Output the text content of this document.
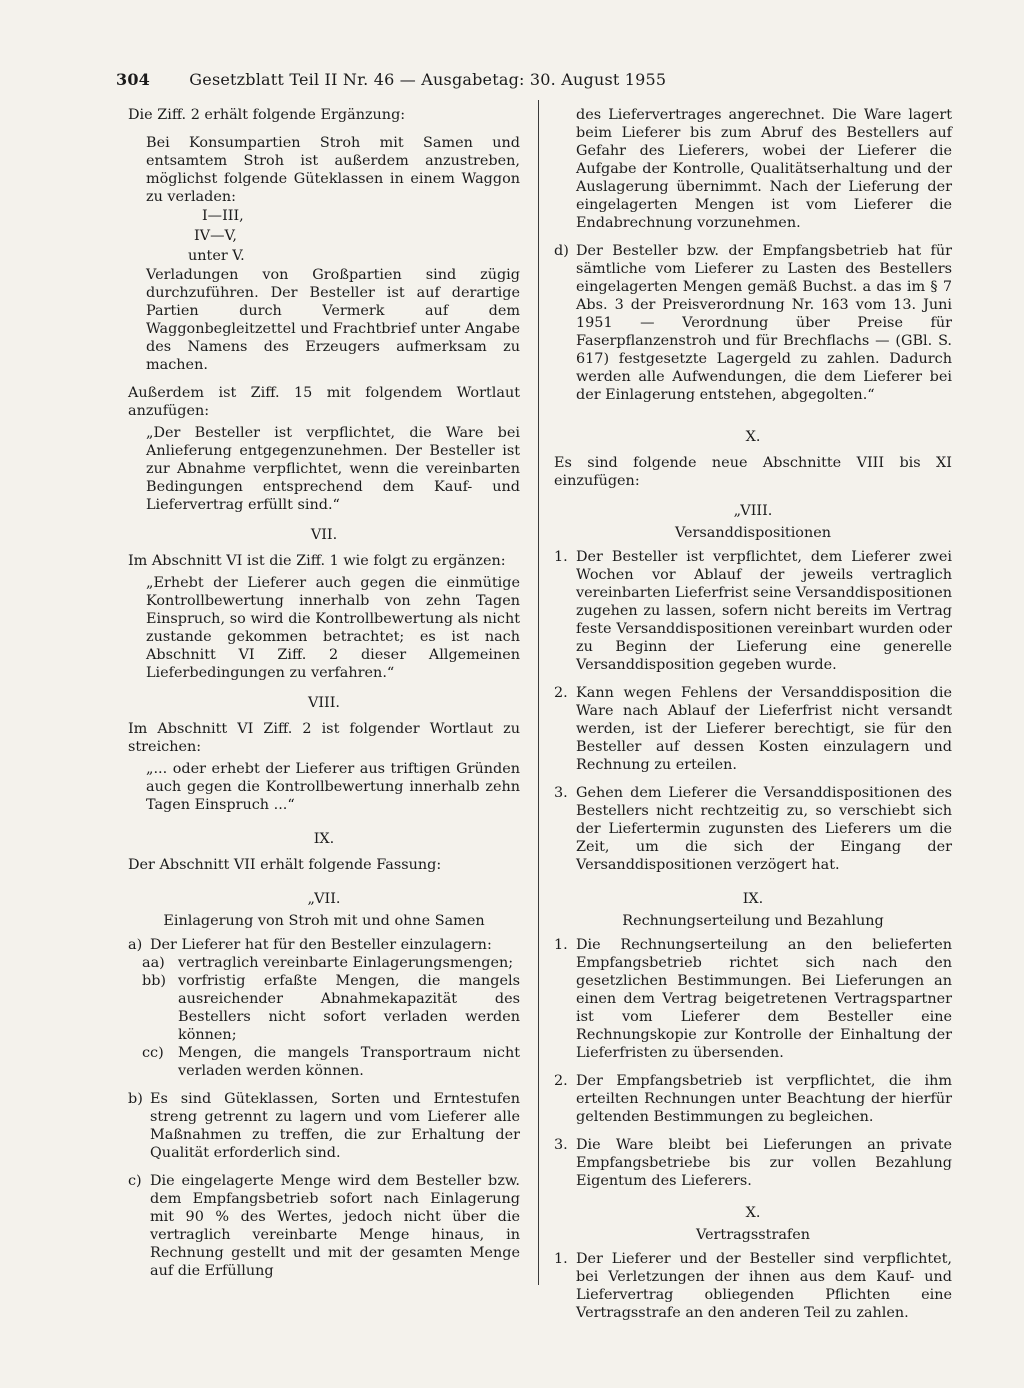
304 Gesetzblatt Teil II Nr. 46 — Ausgabetag: 30. August 1955

Die Ziff. 2 erhält folgende Ergänzung:

Bei Konsumpartien Stroh mit Samen und entsamtem Stroh ist außerdem anzustreben, möglichst folgende Güteklassen in einem Waggon zu verladen:

I—III,
IV—V,
unter V.

Verladungen von Großpartien sind zügig durchzuführen. Der Besteller ist auf derartige Partien durch Vermerk auf dem Waggonbegleitzettel und Frachtbrief unter Angabe des Namens des Erzeugers aufmerksam zu machen.

Außerdem ist Ziff. 15 mit folgendem Wortlaut anzufügen:

„Der Besteller ist verpflichtet, die Ware bei Anlieferung entgegenzunehmen. Der Besteller ist zur Abnahme verpflichtet, wenn die vereinbarten Bedingungen entsprechend dem Kauf- und Liefervertrag erfüllt sind.“

VII.

Im Abschnitt VI ist die Ziff. 1 wie folgt zu ergänzen:

„Erhebt der Lieferer auch gegen die einmütige Kontrollbewertung innerhalb von zehn Tagen Einspruch, so wird die Kontrollbewertung als nicht zustande gekommen betrachtet; es ist nach Abschnitt VI Ziff. 2 dieser Allgemeinen Lieferbedingungen zu verfahren.“

VIII.

Im Abschnitt VI Ziff. 2 ist folgender Wortlaut zu streichen:

„... oder erhebt der Lieferer aus triftigen Gründen auch gegen die Kontrollbewertung innerhalb zehn Tagen Einspruch ...“

IX.

Der Abschnitt VII erhält folgende Fassung:

„VII.
Einlagerung von Stroh mit und ohne Samen
a) Der Lieferer hat für den Besteller einzulagern:
aa) vertraglich vereinbarte Einlagerungsmengen;
bb) vorfristig erfaßte Mengen, die mangels ausreichender Abnahmekapazität des Bestellers nicht sofort verladen werden können;
cc) Mengen, die mangels Transportraum nicht verladen werden können.
b) Es sind Güteklassen, Sorten und Erntestufen streng getrennt zu lagern und vom Lieferer alle Maßnahmen zu treffen, die zur Erhaltung der Qualität erforderlich sind.
c) Die eingelagerte Menge wird dem Besteller bzw. dem Empfangsbetrieb sofort nach Einlagerung mit 90 % des Wertes, jedoch nicht über die vertraglich vereinbarte Menge hinaus, in Rechnung gestellt und mit der gesamten Menge auf die Erfüllung

des Liefervertrages angerechnet. Die Ware lagert beim Lieferer bis zum Abruf des Bestellers auf Gefahr des Lieferers, wobei der Lieferer die Aufgabe der Kontrolle, Qualitätserhaltung und der Auslagerung übernimmt. Nach der Lieferung der eingelagerten Mengen ist vom Lieferer die Endabrechnung vorzunehmen.

d) Der Besteller bzw. der Empfangsbetrieb hat für sämtliche vom Lieferer zu Lasten des Bestellers eingelagerten Mengen gemäß Buchst. a das im § 7 Abs. 3 der Preisverordnung Nr. 163 vom 13. Juni 1951 — Verordnung über Preise für Faserpflanzenstroh und für Brechflachs — (GBl. S. 617) festgesetzte Lagergeld zu zahlen. Dadurch werden alle Aufwendungen, die dem Lieferer bei der Einlagerung entstehen, abgegolten.“
X.

Es sind folgende neue Abschnitte VIII bis XI einzufügen:

„VIII.
Versanddispositionen
1. Der Besteller ist verpflichtet, dem Lieferer zwei Wochen vor Ablauf der jeweils vertraglich vereinbarten Lieferfrist seine Versanddispositionen zugehen zu lassen, sofern nicht bereits im Vertrag feste Versanddispositionen vereinbart wurden oder zu Beginn der Lieferung eine generelle Versanddisposition gegeben wurde.
2. Kann wegen Fehlens der Versanddisposition die Ware nach Ablauf der Lieferfrist nicht versandt werden, ist der Lieferer berechtigt, sie für den Besteller auf dessen Kosten einzulagern und Rechnung zu erteilen.
3. Gehen dem Lieferer die Versanddispositionen des Bestellers nicht rechtzeitig zu, so verschiebt sich der Liefertermin zugunsten des Lieferers um die Zeit, um die sich der Eingang der Versanddispositionen verzögert hat.
IX.
Rechnungserteilung und Bezahlung
1. Die Rechnungserteilung an den belieferten Empfangsbetrieb richtet sich nach den gesetzlichen Bestimmungen. Bei Lieferungen an einen dem Vertrag beigetretenen Vertragspartner ist vom Lieferer dem Besteller eine Rechnungskopie zur Kontrolle der Einhaltung der Lieferfristen zu übersenden.
2. Der Empfangsbetrieb ist verpflichtet, die ihm erteilten Rechnungen unter Beachtung der hierfür geltenden Bestimmungen zu begleichen.
3. Die Ware bleibt bei Lieferungen an private Empfangsbetriebe bis zur vollen Bezahlung Eigentum des Lieferers.
X.
Vertragsstrafen
1. Der Lieferer und der Besteller sind verpflichtet, bei Verletzungen der ihnen aus dem Kauf- und Liefervertrag obliegenden Pflichten eine Vertragsstrafe an den anderen Teil zu zahlen.
